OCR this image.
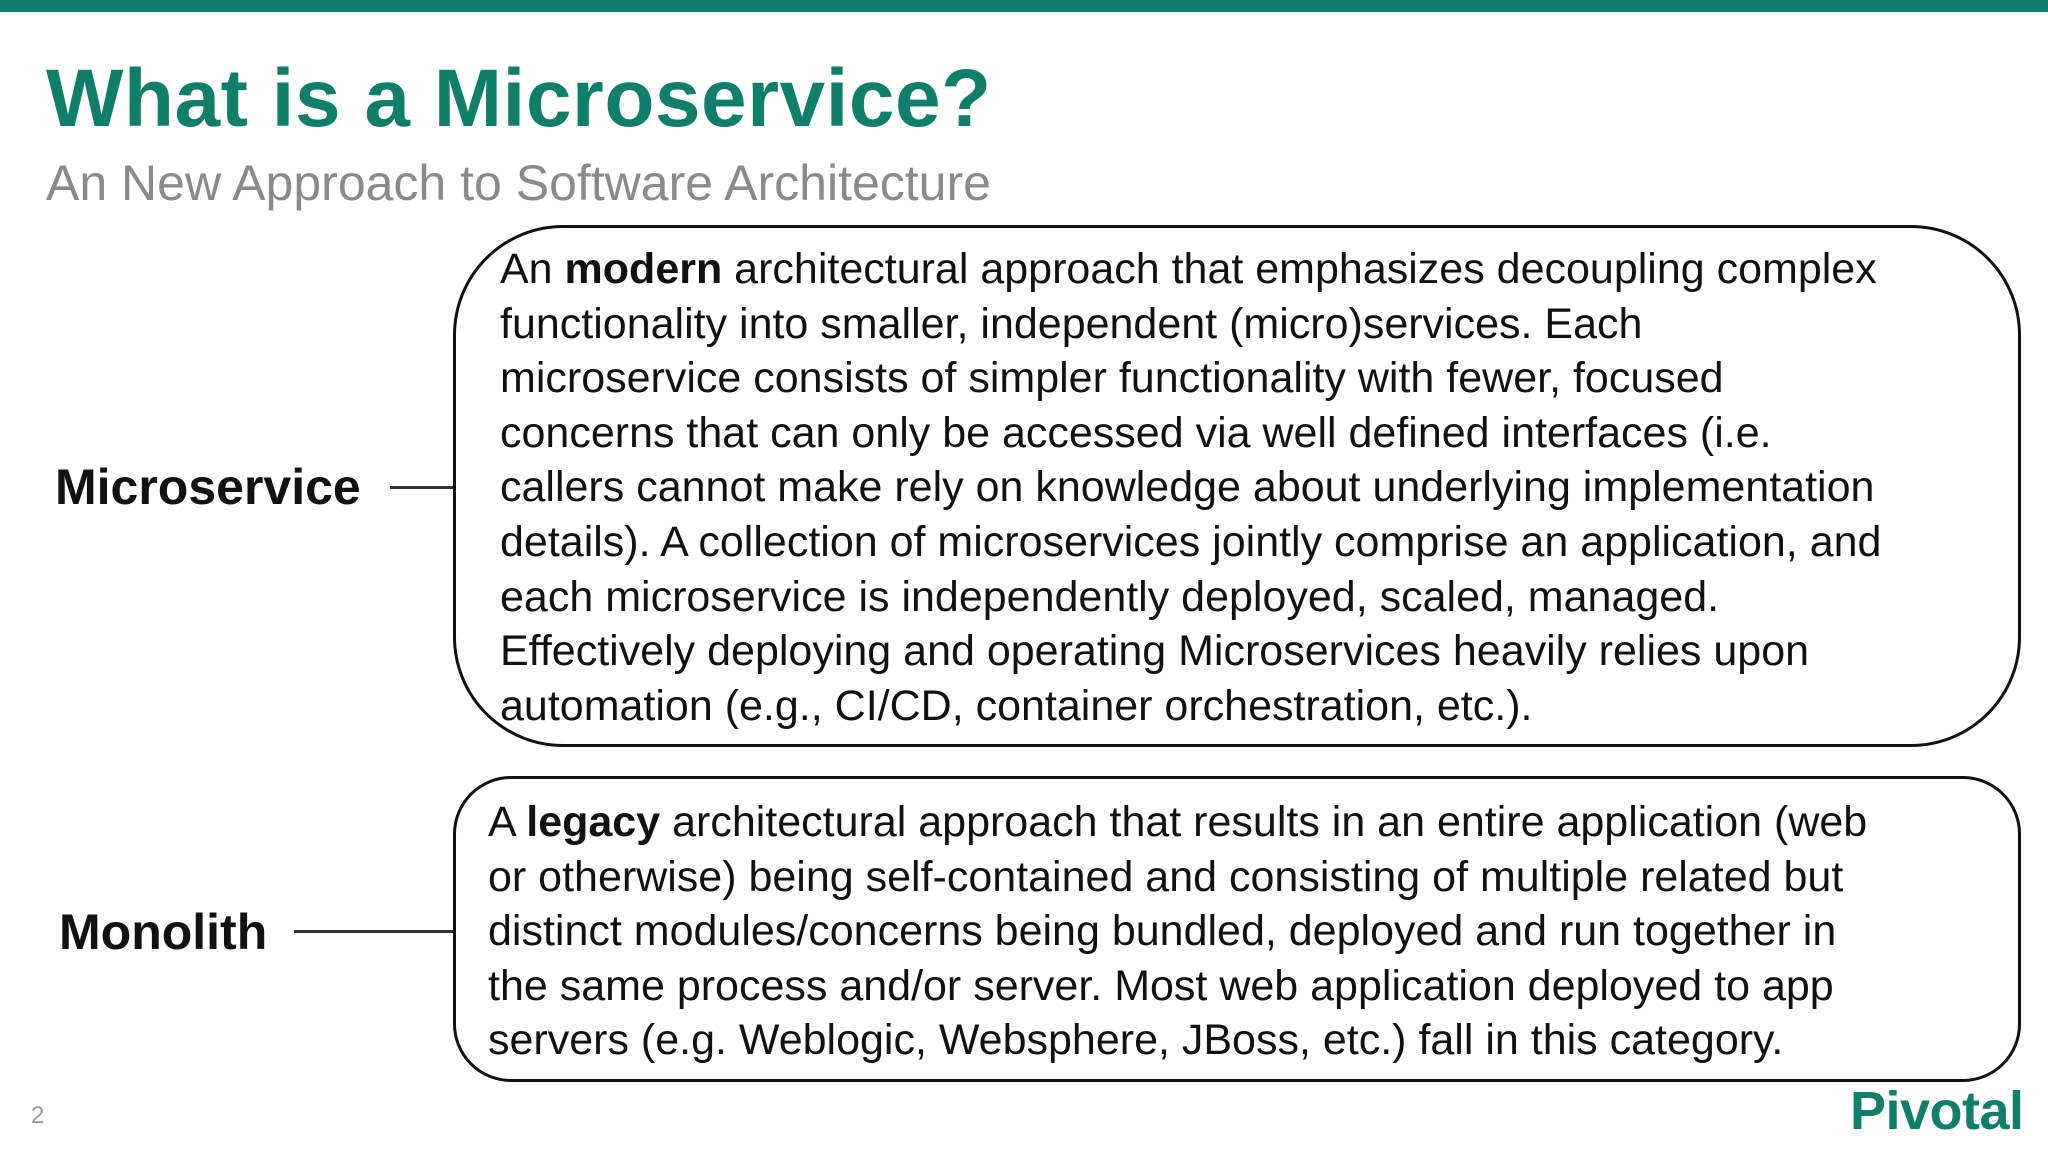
What is a Microservice?
An New Approach to Software Architecture
Microservice
An modern architectural approach that emphasizes decoupling complex
functionality into smaller, independent (micro)services. Each
microservice consists of simpler functionality with fewer, focused
concerns that can only be accessed via well defined interfaces (i.e.
callers cannot make rely on knowledge about underlying implementation
details). A collection of microservices jointly comprise an application, and
each microservice is independently deployed, scaled, managed.
Effectively deploying and operating Microservices heavily relies upon
automation (e.g., CI/CD, container orchestration, etc.).
Monolith
A legacy architectural approach that results in an entire application (web
or otherwise) being self-contained and consisting of multiple related but
distinct modules/concerns being bundled, deployed and run together in
the same process and/or server. Most web application deployed to app
servers (e.g. Weblogic, Websphere, JBoss, etc.) fall in this category.
2	Pivotal
